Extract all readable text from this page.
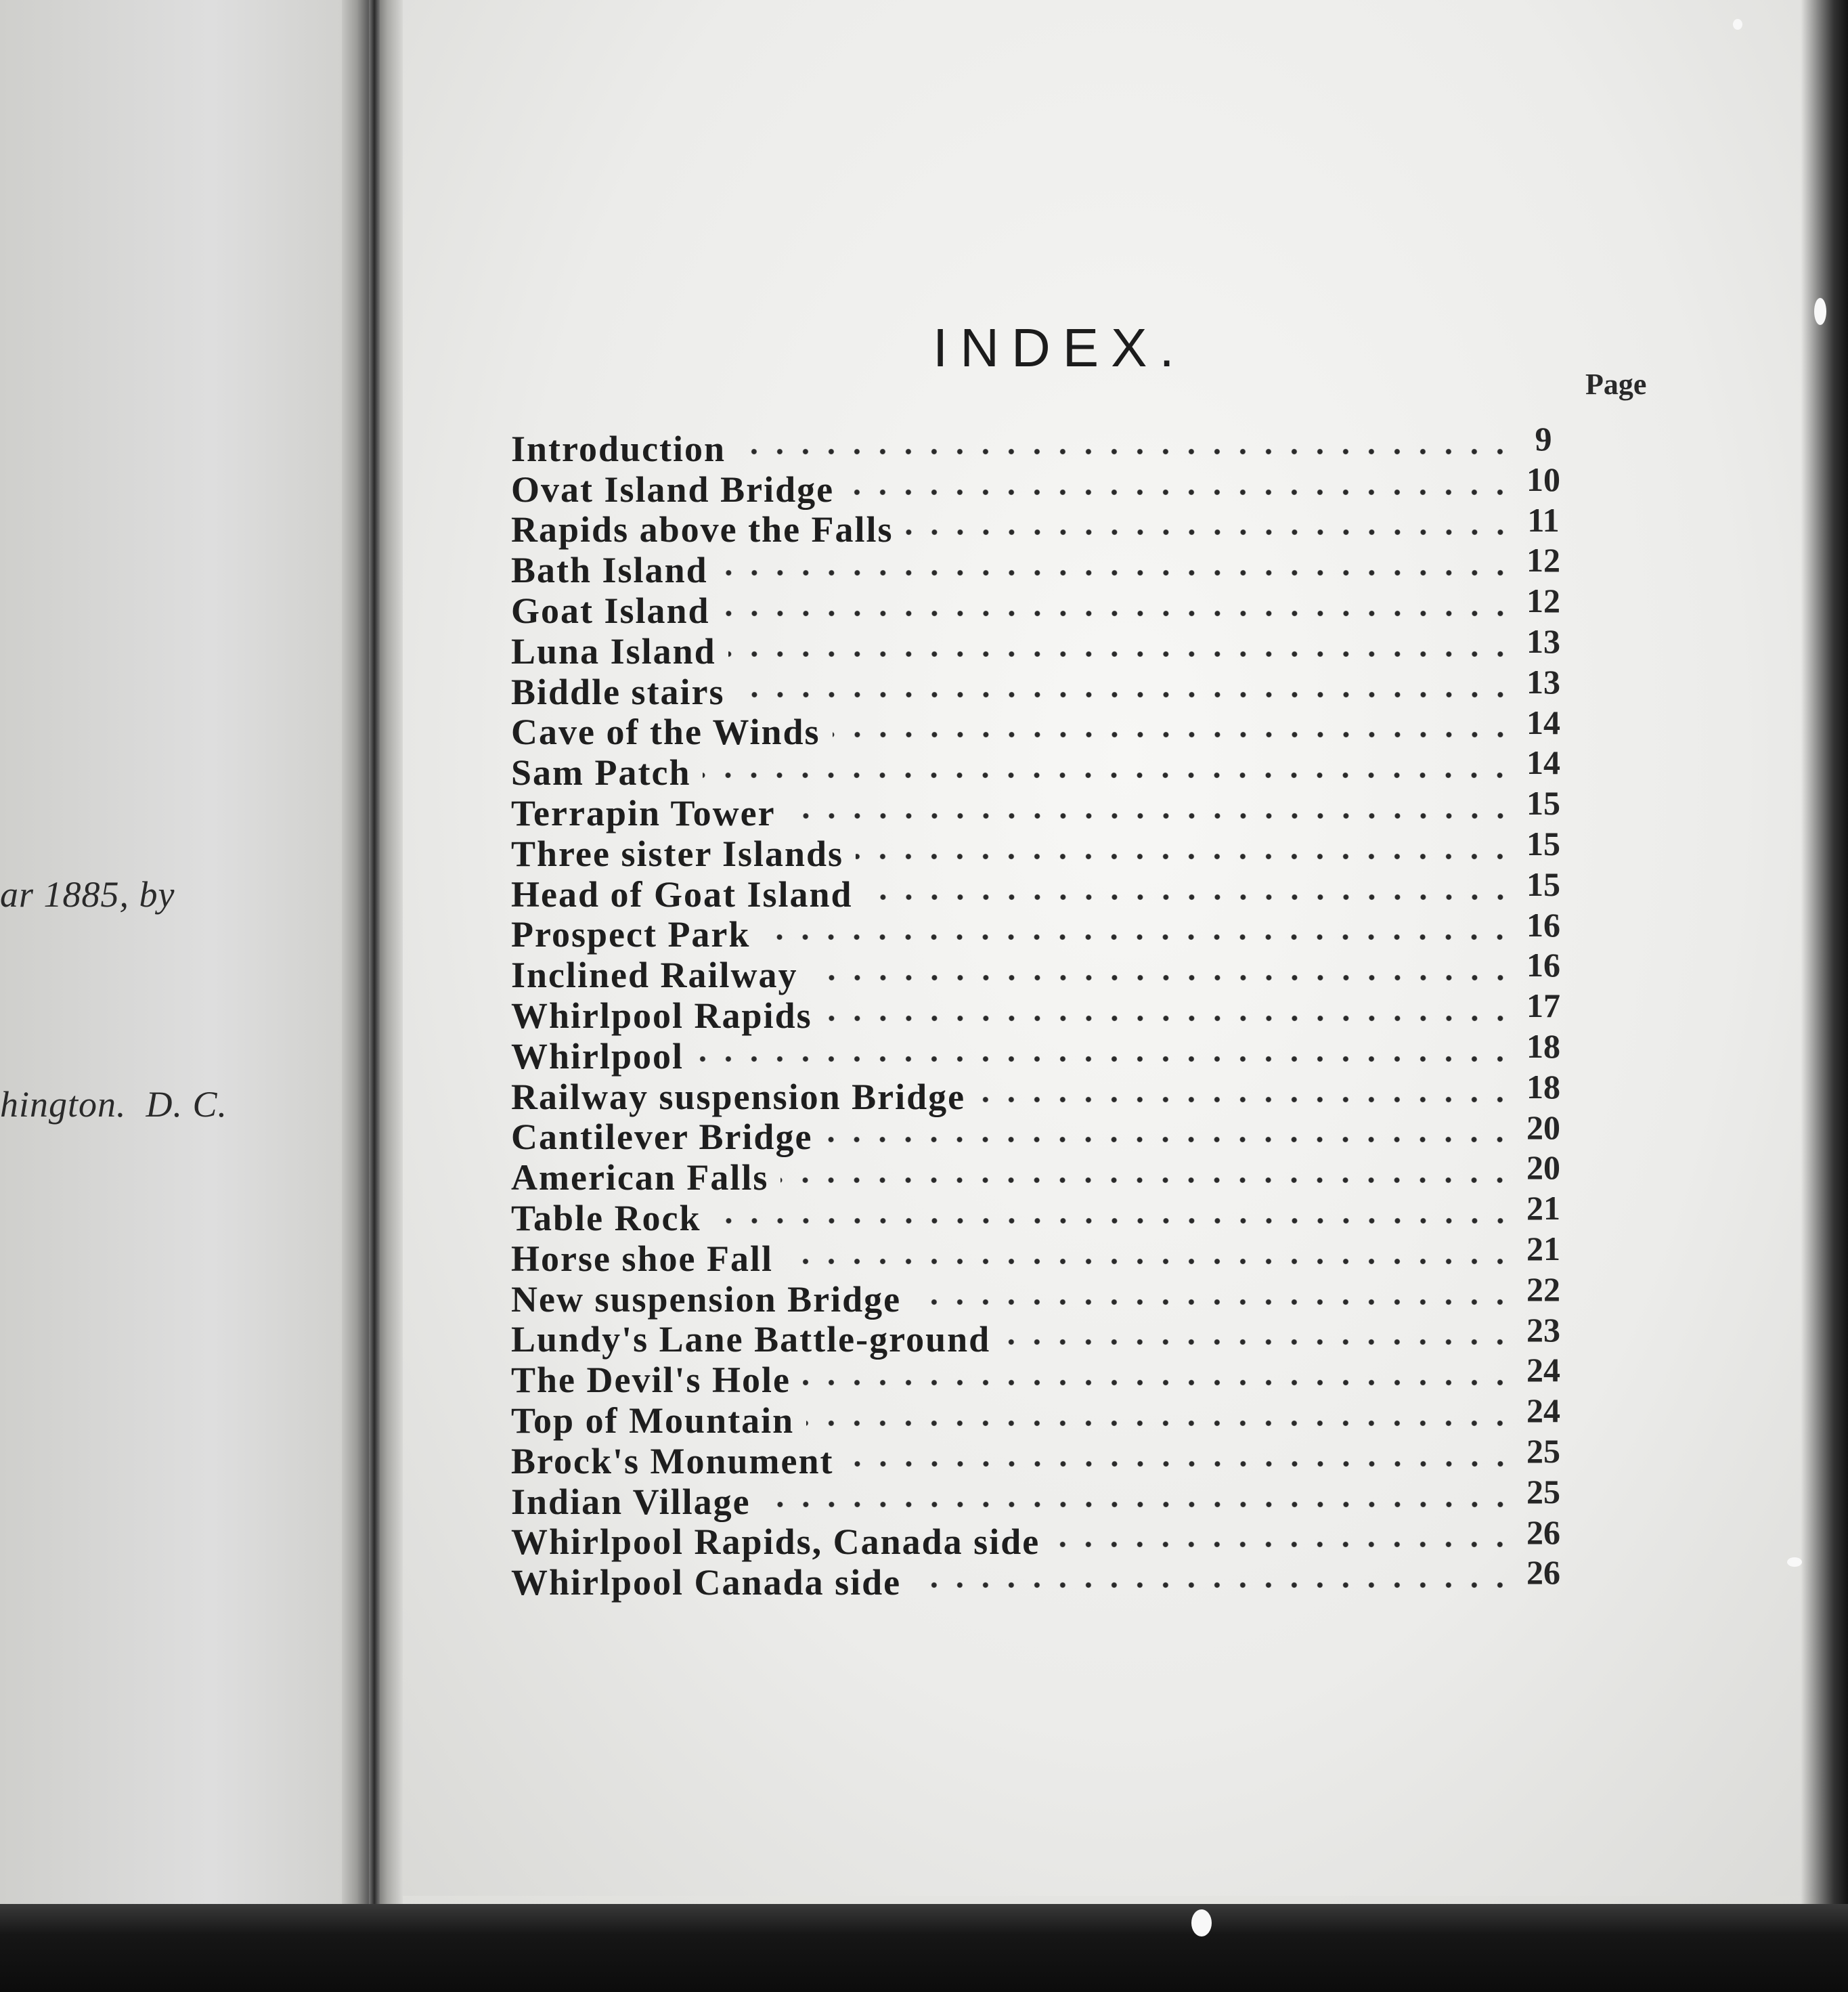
ar 1885, by
hington.  D. C.
INDEX.
Page
Introduction	9
Ovat Island Bridge	10
Rapids above the Falls	11
Bath Island	12
Goat Island	12
Luna Island	13
Biddle stairs	13
Cave of the Winds	14
Sam Patch	14
Terrapin Tower	15
Three sister Islands	15
Head of Goat Island	15
Prospect Park	16
Inclined Railway	16
Whirlpool Rapids	17
Whirlpool	18
Railway suspension Bridge	18
Cantilever Bridge	20
American Falls	20
Table Rock	21
Horse shoe Fall	21
New suspension Bridge	22
Lundy's Lane Battle-ground	23
The Devil's Hole	24
Top of Mountain	24
Brock's Monument	25
Indian Village	25
Whirlpool Rapids, Canada side	26
Whirlpool Canada side	26
